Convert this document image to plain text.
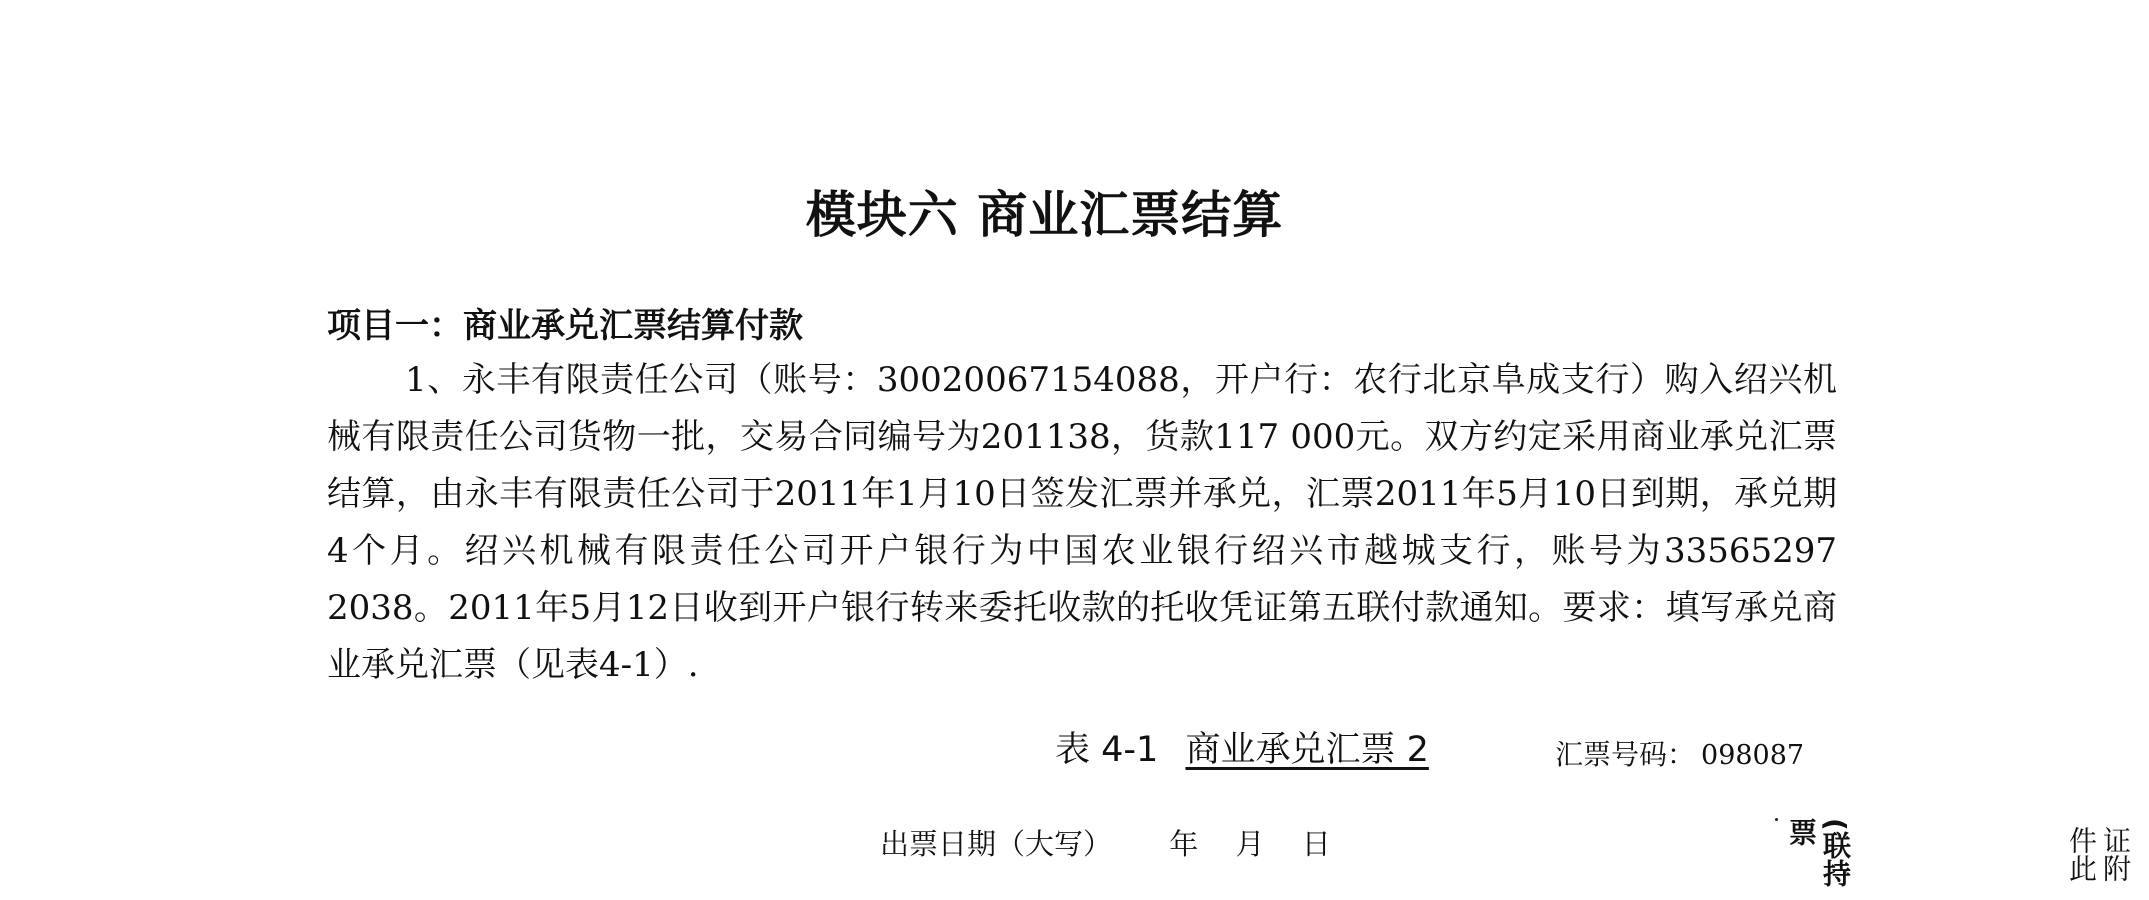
模块六 商业汇票结算
项目一：商业承兑汇票结算付款

1、永丰有限责任公司（账号：30020067154088，开户行：农行北京阜成支行）购入绍兴机械有限责任公司货物一批，交易合同编号为201138，货款117 000元。双方约定采用商业承兑汇票结算，由永丰有限责任公司于2011年1月10日签发汇票并承兑，汇票2011年5月10日到期，承兑期4个月。绍兴机械有限责任公司开户银行为中国农业银行绍兴市越城支行，账号为33565297 2038。2011年5月12日收到开户银行转来委托收款的托收凭证第五联付款通知。要求：填写承兑商业承兑汇票（见表4-1）.

表 4-1 商业承兑汇票 2	汇票号码： 098087
出票日期（大写） 年 月 日	(联持票	证附件此
